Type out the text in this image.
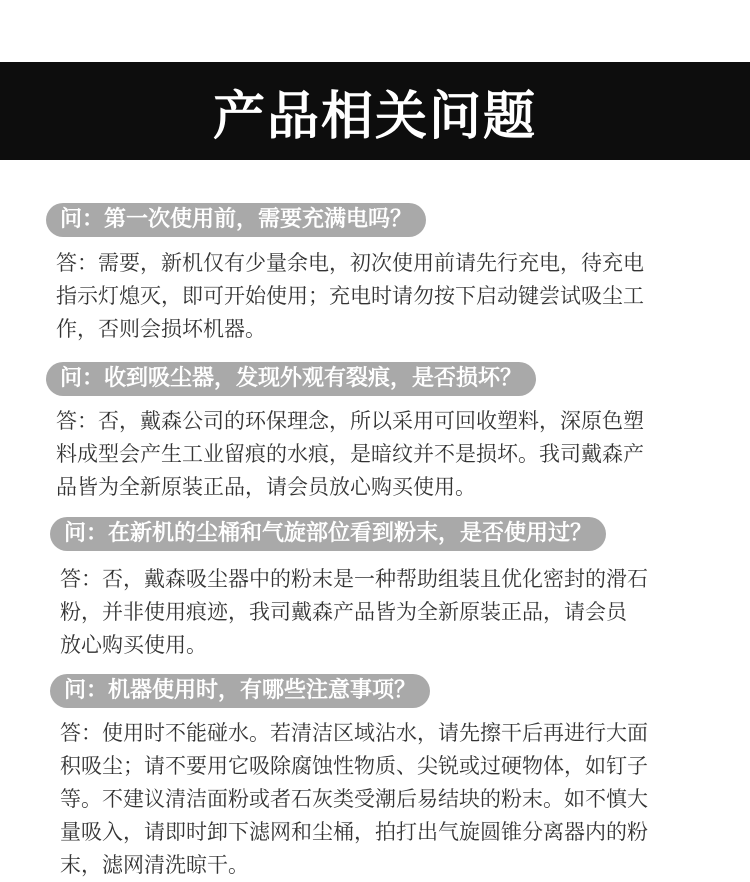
产品相关问题
问：第一次使用前，需要充满电吗？
答：需要，新机仅有少量余电，初次使用前请先行充电，待充电
指示灯熄灭，即可开始使用；充电时请勿按下启动键尝试吸尘工
作，否则会损坏机器。
问：收到吸尘器，发现外观有裂痕，是否损坏？
答：否，戴森公司的环保理念，所以采用可回收塑料，深原色塑
料成型会产生工业留痕的水痕，是暗纹并不是损坏。我司戴森产
品皆为全新原装正品，请会员放心购买使用。
问：在新机的尘桶和气旋部位看到粉末，是否使用过？
答：否，戴森吸尘器中的粉末是一种帮助组装且优化密封的滑石
粉，并非使用痕迹，我司戴森产品皆为全新原装正品，请会员
放心购买使用。
问：机器使用时，有哪些注意事项？
答：使用时不能碰水。若清洁区域沾水，请先擦干后再进行大面
积吸尘；请不要用它吸除腐蚀性物质、尖锐或过硬物体，如钉子
等。不建议清洁面粉或者石灰类受潮后易结块的粉末。如不慎大
量吸入，请即时卸下滤网和尘桶，拍打出气旋圆锥分离器内的粉
末，滤网清洗晾干。
